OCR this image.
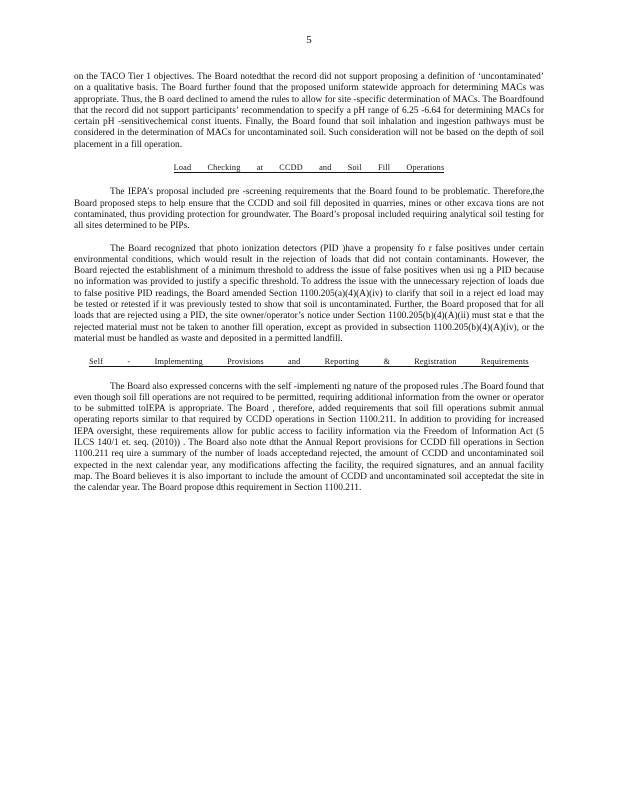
5

on the TACO Tier 1 objectives. The Board notedthat the record did not support proposing a definition of ‘uncontaminated’ on a qualitative basis. The Board further found that the proposed uniform statewide approach for determining MACs was appropriate. Thus, the B oard declined to amend the rules to allow for site -specific determination of MACs. The Boardfound that the record did not support participants’ recommendation to specify a pH range of 6.25 -6.64 for determining MACs for certain pH -sensitivechemical const ituents. Finally, the Board found that soil inhalation and ingestion pathways must be considered in the determination of MACs for uncontaminated soil. Such consideration will not be based on the depth of soil placement in a fill operation.

Load Checking at CCDD and Soil Fill Operations

The IEPA’s proposal included pre -screening requirements that the Board found to be problematic. Therefore,the Board proposed steps to help ensure that the CCDD and soil fill deposited in quarries, mines or other excava tions are not contaminated, thus providing protection for groundwater. The Board’s proposal included requiring analytical soil testing for all sites determined to be PIPs.

The Board recognized that photo ionization detectors (PID )have a propensity fo r false positives under certain environmental conditions, which would result in the rejection of loads that did not contain contaminants. However, the Board rejected the establishment of a minimum threshold to address the issue of false positives when usi ng a PID because no information was provided to justify a specific threshold. To address the issue with the unnecessary rejection of loads due to false positive PID readings, the Board amended Section 1100.205(a)(4)(A)(iv) to clarify that soil in a reject ed load may be tested or retested if it was previously tested to show that soil is uncontaminated. Further, the Board proposed that for all loads that are rejected using a PID, the site owner/operator’s notice under Section 1100.205(b)(4)(A)(ii) must stat e that the rejected material must not be taken to another fill operation, except as provided in subsection 1100.205(b)(4)(A)(iv), or the material must be handled as waste and deposited in a permitted landfill.

Self - Implementing Provisions and Reporting & Registration Requirements

The Board also expressed concerns with the self -implementi ng nature of the proposed rules .The Board found that even though soil fill operations are not required to be permitted, requiring additional information from the owner or operator to be submitted toIEPA is appropriate. The Board , therefore, added requirements that soil fill operations submit annual operating reports similar to that required by CCDD operations in Section 1100.211. In addition to providing for increased IEPA oversight, these requirements allow for public access to facility information via the Freedom of Information Act (5 ILCS 140/1 et. seq. (2010)) . The Board also note dthat the Annual Report provisions for CCDD fill operations in Section 1100.211 req uire a summary of the number of loads acceptedand rejected, the amount of CCDD and uncontaminated soil expected in the next calendar year, any modifications affecting the facility, the required signatures, and an annual facility map. The Board believes it is also important to include the amount of CCDD and uncontaminated soil acceptedat the site in the calendar year. The Board propose dthis requirement in Section 1100.211.
